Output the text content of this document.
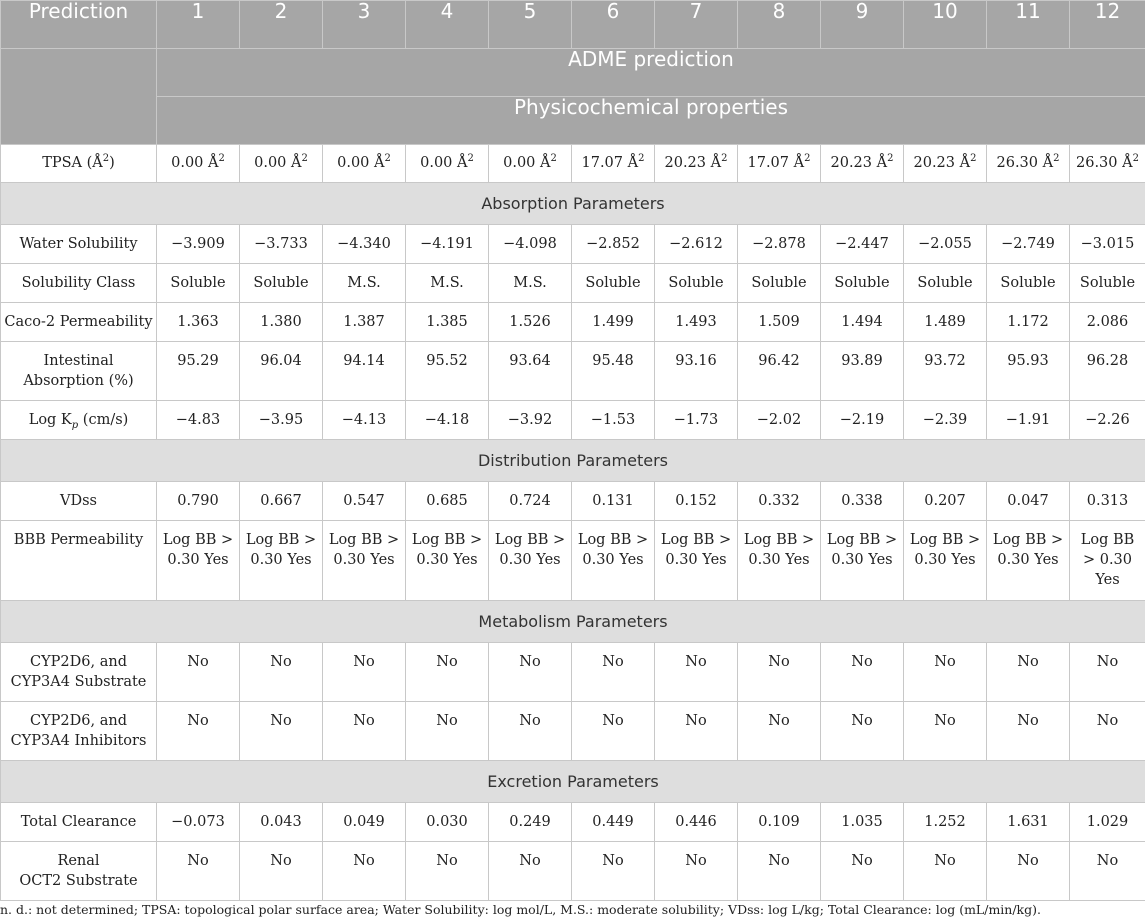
Prediction	1	2	3	4	5	6	7	8	9	10	11	12
	ADME prediction											
	Physicochemical properties											
TPSA $(Å^2)$	0.00 $Å^2$	0.00 $Å^2$	0.00 $Å^2$	0.00 $Å^2$	0.00 $Å^2$	17.07 $Å^2$	20.23 $Å^2$	17.07 $Å^2$	20.23 $Å^2$	20.23 $Å^2$	26.30 $Å^2$	26.30 $Å^2$
Absorption Parameters												
Water Solubility	−3.909	−3.733	−4.340	−4.191	−4.098	−2.852	−2.612	−2.878	−2.447	−2.055	−2.749	−3.015
Solubility Class	Soluble	Soluble	M.S.	M.S.	M.S.	Soluble	Soluble	Soluble	Soluble	Soluble	Soluble	Soluble
Caco-2 Permeability	1.363	1.380	1.387	1.385	1.526	1.499	1.493	1.509	1.494	1.489	1.172	2.086
Intestinal
Absorption (%)	95.29	96.04	94.14	95.52	93.64	95.48	93.16	96.42	93.89	93.72	95.93	96.28
Log $K_p$ (cm/s)	−4.83	−3.95	−4.13	−4.18	−3.92	−1.53	−1.73	−2.02	−2.19	−2.39	−1.91	−2.26
Distribution Parameters												
VDss	0.790	0.667	0.547	0.685	0.724	0.131	0.152	0.332	0.338	0.207	0.047	0.313
BBB Permeability	Log BB > 0.30 Yes	Log BB > 0.30 Yes	Log BB > 0.30 Yes	Log BB > 0.30 Yes	Log BB > 0.30 Yes	Log BB > 0.30 Yes	Log BB > 0.30 Yes	Log BB > 0.30 Yes	Log BB > 0.30 Yes	Log BB > 0.30 Yes	Log BB > 0.30 Yes	Log BB > 0.30 Yes

Metabolism Parameters												
CYP2D6, and
CYP3A4 Substrate	No	No	No	No	No	No	No	No	No	No	No	No
CYP2D6, and
CYP3A4 Inhibitors	No	No	No	No	No	No	No	No	No	No	No	No
Excretion Parameters												
Total Clearance	−0.073	0.043	0.049	0.030	0.249	0.449	0.446	0.109	1.035	1.252	1.631	1.029
Renal
OCT2 Substrate	No	No	No	No	No	No	No	No	No	No	No	No
n. d.: not determined; TPSA: topological polar surface area; Water Solubility: log mol/L, M.S.: moderate solubility; VDss: log L/kg; Total Clearance: log (mL/min/kg).
